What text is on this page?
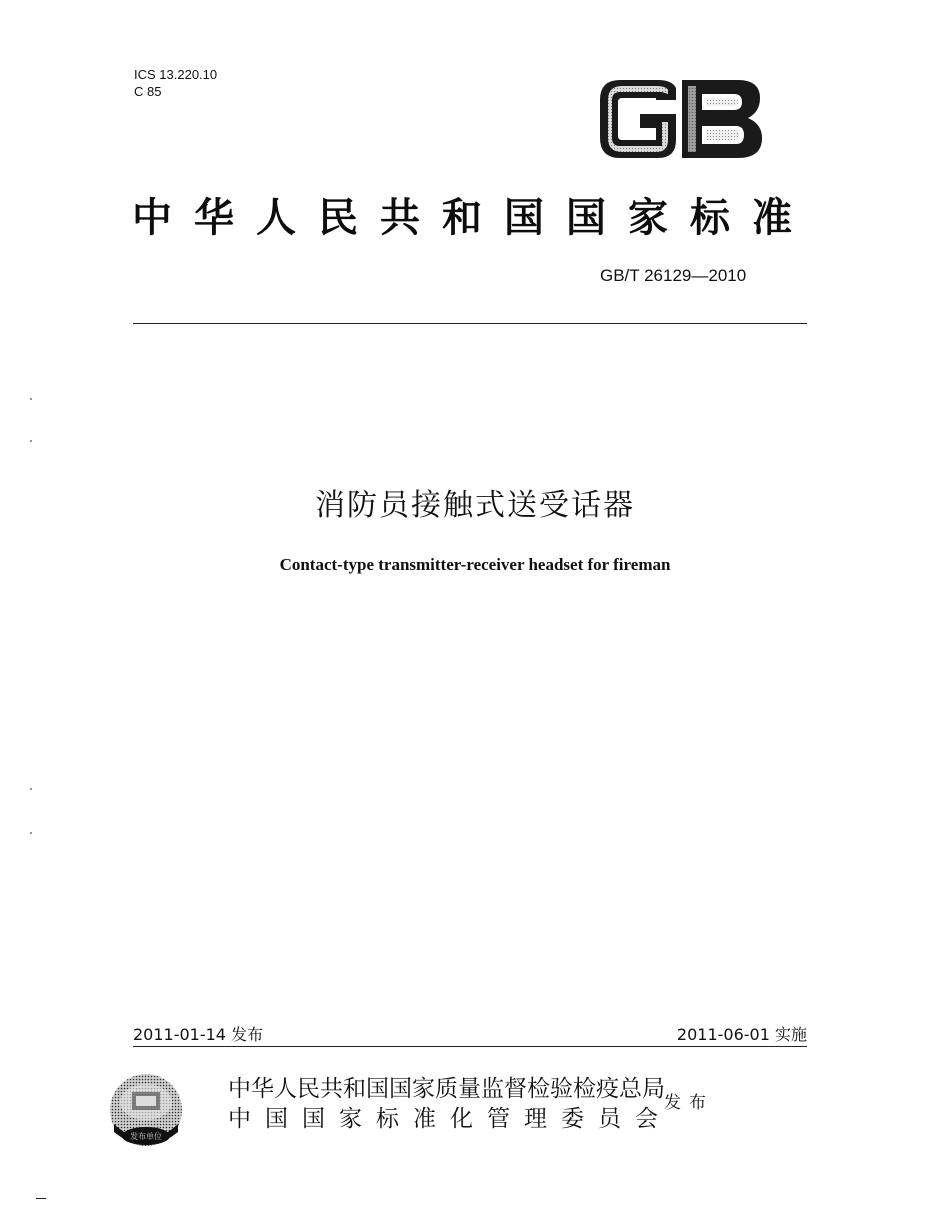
ICS 13.220.10
C 85
中华人民共和国国家标准
GB/T 26129—2010
消防员接触式送受话器
Contact-type transmitter-receiver headset for fireman
2011-01-14 发布	2011-06-01 实施
发布单位
中华人民共和国国家质量监督检验检疫总局
中国国家标准化管理委员会
发布
